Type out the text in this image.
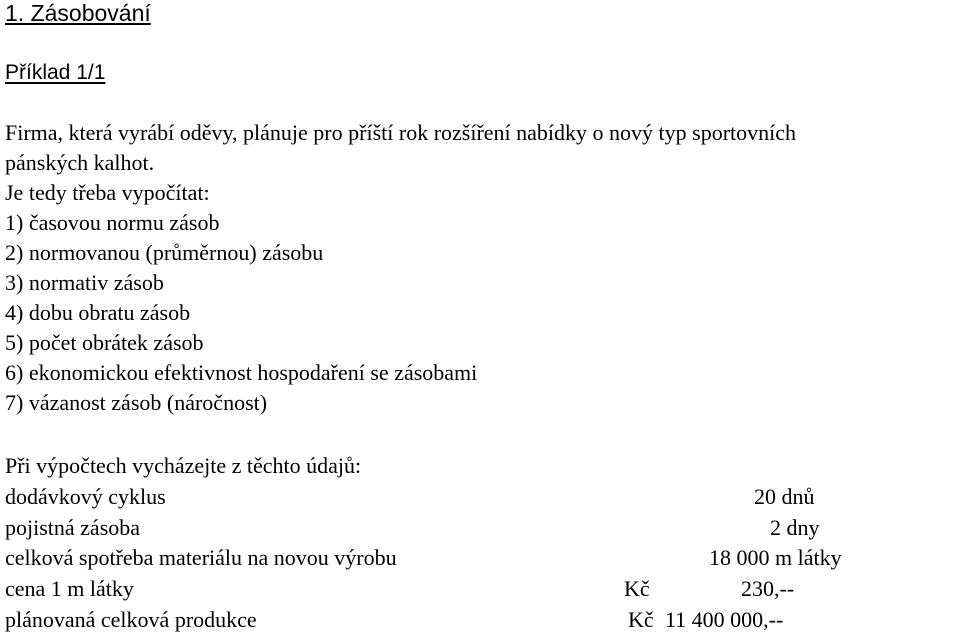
1. Zásobování
Příklad 1/1
Firma, která vyrábí oděvy, plánuje pro příští rok rozšíření nabídky o nový typ sportovních
pánských kalhot.
Je tedy třeba vypočítat:
1) časovou normu zásob
2) normovanou (průměrnou) zásobu
3) normativ zásob
4) dobu obratu zásob
5) počet obrátek zásob
6) ekonomickou efektivnost hospodaření se zásobami
7) vázanost zásob (náročnost)
Při výpočtech vycházejte z těchto údajů:
dodávkový cyklus	20 dnů
pojistná zásoba	2 dny
celková spotřeba materiálu na novou výrobu	18 000 m látky
cena 1 m látky	Kč	230,--
plánovaná celková produkce	Kč 11 400 000,--
